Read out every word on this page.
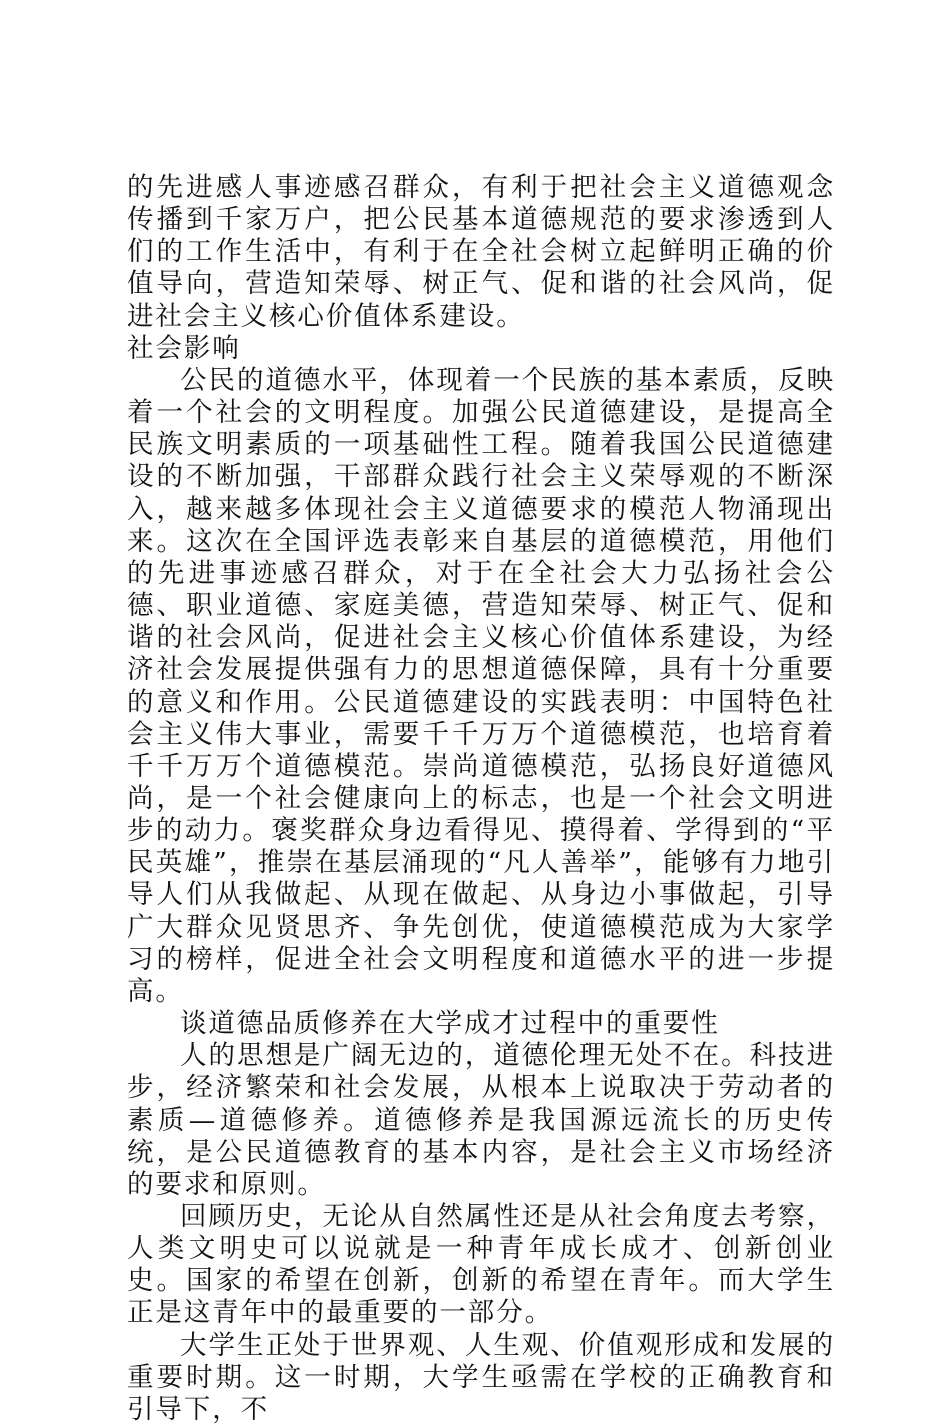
的先进感人事迹感召群众，有利于把社会主义道德观念传播到千家万户，把公民基本道德规范的要求渗透到人们的工作生活中，有利于在全社会树立起鲜明正确的价值导向，营造知荣辱、树正气、促和谐的社会风尚，促进社会主义核心价值体系建设。

社会影响

公民的道德水平，体现着一个民族的基本素质，反映着一个社会的文明程度。加强公民道德建设，是提高全民族文明素质的一项基础性工程。随着我国公民道德建设的不断加强，干部群众践行社会主义荣辱观的不断深入，越来越多体现社会主义道德要求的模范人物涌现出来。这次在全国评选表彰来自基层的道德模范，用他们的先进事迹感召群众，对于在全社会大力弘扬社会公德、职业道德、家庭美德，营造知荣辱、树正气、促和谐的社会风尚，促进社会主义核心价值体系建设，为经济社会发展提供强有力的思想道德保障，具有十分重要的意义和作用。公民道德建设的实践表明：中国特色社会主义伟大事业，需要千千万万个道德模范，也培育着千千万万个道德模范。崇尚道德模范，弘扬良好道德风尚，是一个社会健康向上的标志，也是一个社会文明进步的动力。褒奖群众身边看得见、摸得着、学得到的“平民英雄”，推崇在基层涌现的“凡人善举”，能够有力地引导人们从我做起、从现在做起、从身边小事做起，引导广大群众见贤思齐、争先创优，使道德模范成为大家学习的榜样，促进全社会文明程度和道德水平的进一步提高。

谈道德品质修养在大学成才过程中的重要性

人的思想是广阔无边的，道德伦理无处不在。科技进步，经济繁荣和社会发展，从根本上说取决于劳动者的素质—道德修养。道德修养是我国源远流长的历史传统，是公民道德教育的基本内容，是社会主义市场经济的要求和原则。

回顾历史，无论从自然属性还是从社会角度去考察，人类文明史可以说就是一种青年成长成才、创新创业史。国家的希望在创新，创新的希望在青年。而大学生正是这青年中的最重要的一部分。

大学生正处于世界观、人生观、价值观形成和发展的重要时期。这一时期，大学生亟需在学校的正确教育和引导下，不
